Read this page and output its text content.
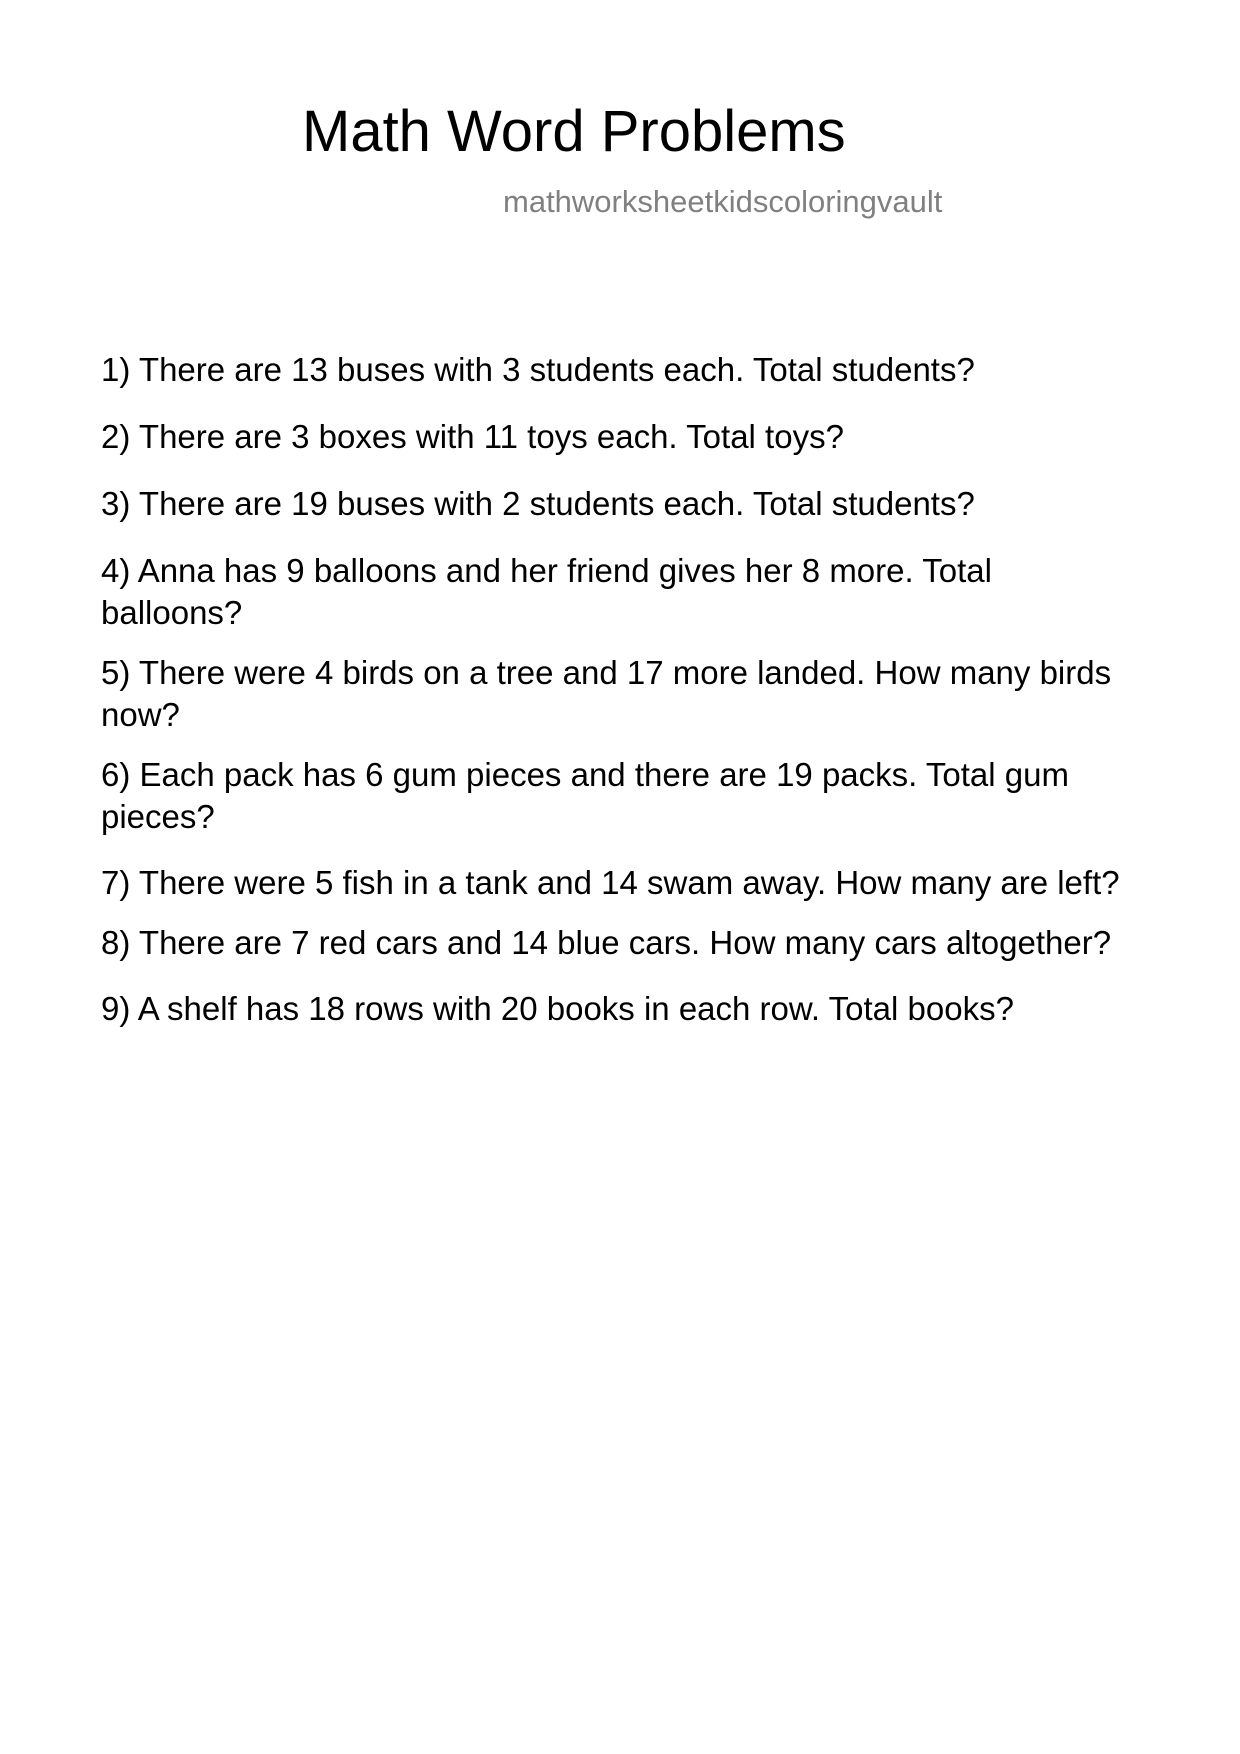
Math Word Problems
mathworksheetkidscoloringvault
1) There are 13 buses with 3 students each. Total students?
2) There are 3 boxes with 11 toys each. Total toys?
3) There are 19 buses with 2 students each. Total students?
4) Anna has 9 balloons and her friend gives her 8 more. Total balloons?
5) There were 4 birds on a tree and 17 more landed. How many birds now?
6) Each pack has 6 gum pieces and there are 19 packs. Total gum pieces?
7) There were 5 fish in a tank and 14 swam away. How many are left?
8) There are 7 red cars and 14 blue cars. How many cars altogether?
9) A shelf has 18 rows with 20 books in each row. Total books?
